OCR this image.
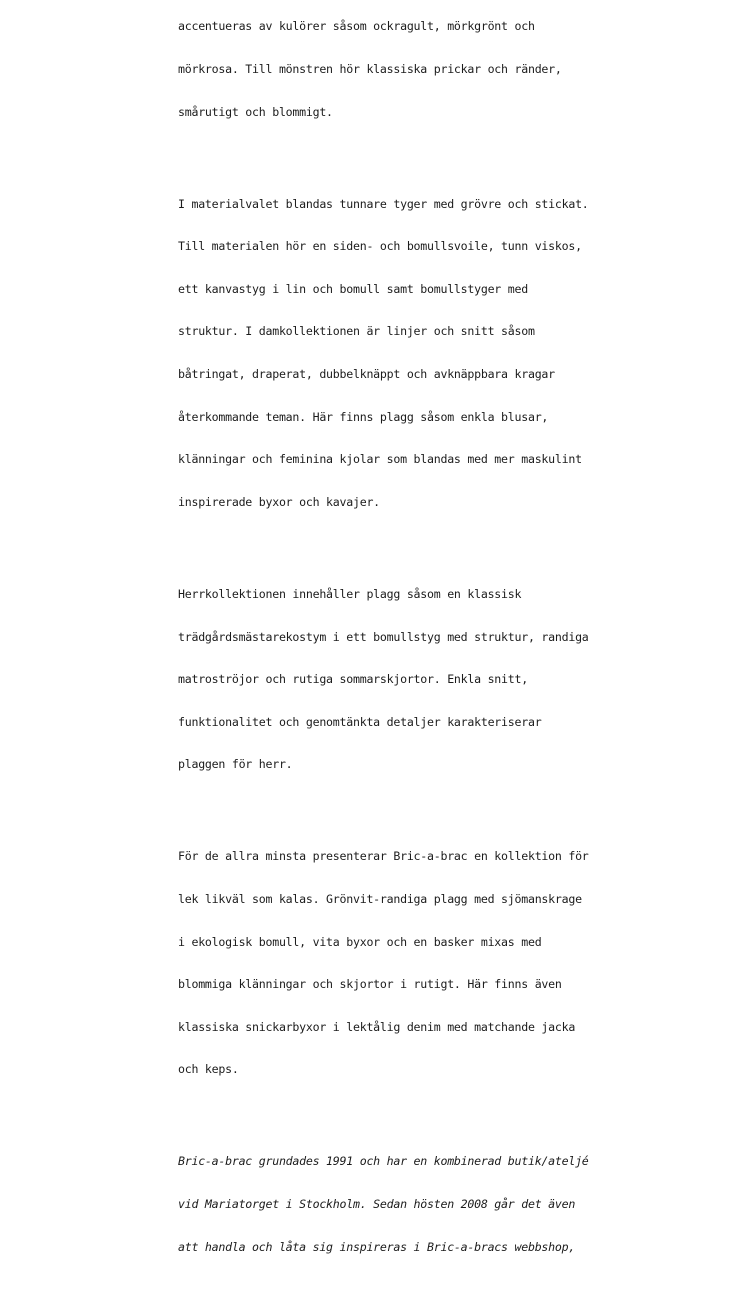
accentueras av kulörer såsom ockragult, mörkgrönt och

mörkrosa. Till mönstren hör klassiska prickar och ränder,

smårutigt och blommigt.

I materialvalet blandas tunnare tyger med grövre och stickat.

Till materialen hör en siden- och bomullsvoile, tunn viskos,

ett kanvastyg i lin och bomull samt bomullstyger med

struktur. I damkollektionen är linjer och snitt såsom

båtringat, draperat, dubbelknäppt och avknäppbara kragar

återkommande teman. Här finns plagg såsom enkla blusar,

klänningar och feminina kjolar som blandas med mer maskulint

inspirerade byxor och kavajer.

Herrkollektionen innehåller plagg såsom en klassisk

trädgårdsmästarekostym i ett bomullstyg med struktur, randiga

matroströjor och rutiga sommarskjortor. Enkla snitt,

funktionalitet och genomtänkta detaljer karakteriserar

plaggen för herr.

För de allra minsta presenterar Bric-a-brac en kollektion för

lek likväl som kalas. Grönvit-randiga plagg med sjömanskrage

i ekologisk bomull, vita byxor och en basker mixas med

blommiga klänningar och skjortor i rutigt. Här finns även

klassiska snickarbyxor i lektålig denim med matchande jacka

och keps.

Bric-a-brac grundades 1991 och har en kombinerad butik/ateljé

vid Mariatorget i Stockholm. Sedan hösten 2008 går det även

att handla och låta sig inspireras i Bric-a-bracs webbshop,
